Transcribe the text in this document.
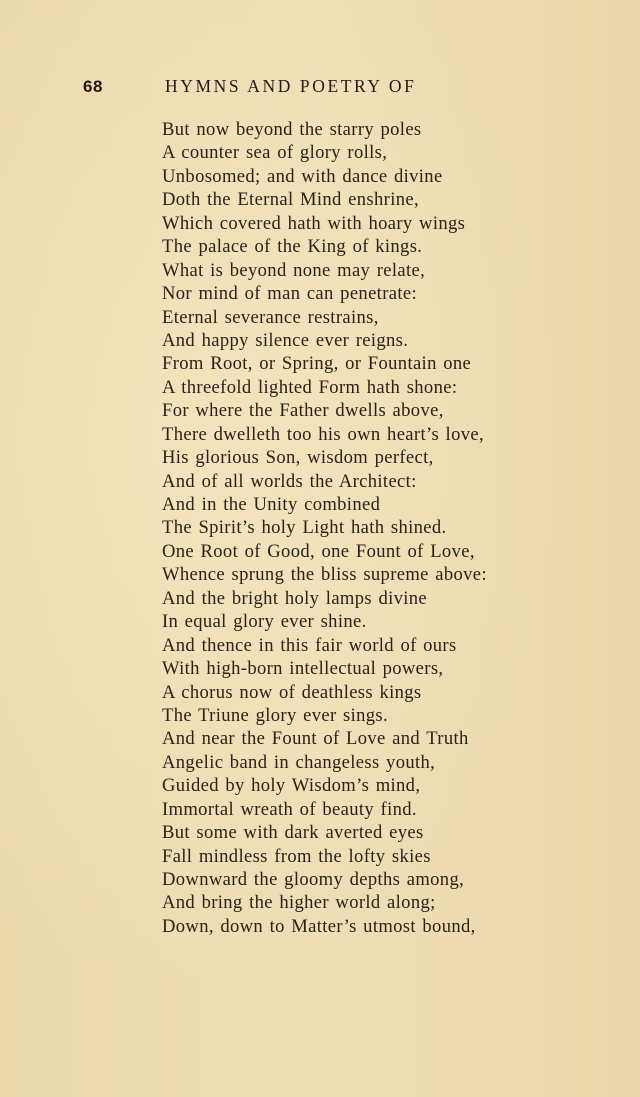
68	HYMNS AND POETRY OF
But now beyond the starry poles
A counter sea of glory rolls,
Unbosomed; and with dance divine
Doth the Eternal Mind enshrine,
Which covered hath with hoary wings
The palace of the King of kings.
What is beyond none may relate,
Nor mind of man can penetrate:
Eternal severance restrains,
And happy silence ever reigns.
From Root, or Spring, or Fountain one
A threefold lighted Form hath shone:
For where the Father dwells above,
There dwelleth too his own heart’s love,
His glorious Son, wisdom perfect,
And of all worlds the Architect:
And in the Unity combined
The Spirit’s holy Light hath shined.
One Root of Good, one Fount of Love,
Whence sprung the bliss supreme above:
And the bright holy lamps divine
In equal glory ever shine.
And thence in this fair world of ours
With high-born intellectual powers,
A chorus now of deathless kings
The Triune glory ever sings.
And near the Fount of Love and Truth
Angelic band in changeless youth,
Guided by holy Wisdom’s mind,
Immortal wreath of beauty find.
But some with dark averted eyes
Fall mindless from the lofty skies
Downward the gloomy depths among,
And bring the higher world along;
Down, down to Matter’s utmost bound,
